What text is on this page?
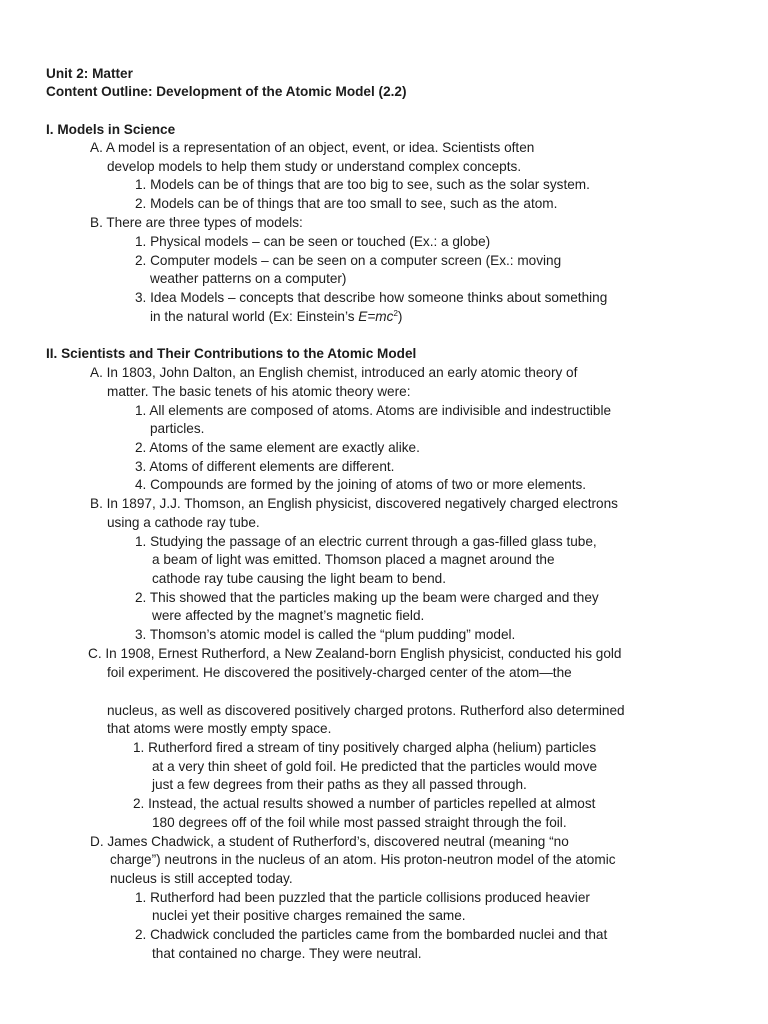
Unit 2: Matter
Content Outline: Development of the Atomic Model (2.2)
I. Models in Science
A. A model is a representation of an object, event, or idea. Scientists often
develop models to help them study or understand complex concepts.
1. Models can be of things that are too big to see, such as the solar system.
2. Models can be of things that are too small to see, such as the atom.
B. There are three types of models:
1. Physical models – can be seen or touched (Ex.: a globe)
2. Computer models – can be seen on a computer screen (Ex.: moving
weather patterns on a computer)
3. Idea Models – concepts that describe how someone thinks about something
in the natural world (Ex: Einstein’s $E=mc^2$)
II. Scientists and Their Contributions to the Atomic Model
A. In 1803, John Dalton, an English chemist, introduced an early atomic theory of
matter. The basic tenets of his atomic theory were:
1. All elements are composed of atoms. Atoms are indivisible and indestructible
particles.
2. Atoms of the same element are exactly alike.
3. Atoms of different elements are different.
4. Compounds are formed by the joining of atoms of two or more elements.
B. In 1897, J.J. Thomson, an English physicist, discovered negatively charged electrons
using a cathode ray tube.
1. Studying the passage of an electric current through a gas-filled glass tube,
a beam of light was emitted. Thomson placed a magnet around the
cathode ray tube causing the light beam to bend.
2. This showed that the particles making up the beam were charged and they
were affected by the magnet’s magnetic field.
3. Thomson’s atomic model is called the “plum pudding” model.
C. In 1908, Ernest Rutherford, a New Zealand-born English physicist, conducted his gold
foil experiment. He discovered the positively-charged center of the atom—the
nucleus, as well as discovered positively charged protons. Rutherford also determined
that atoms were mostly empty space.
1. Rutherford fired a stream of tiny positively charged alpha (helium) particles
at a very thin sheet of gold foil. He predicted that the particles would move
just a few degrees from their paths as they all passed through.
2. Instead, the actual results showed a number of particles repelled at almost
180 degrees off of the foil while most passed straight through the foil.
D. James Chadwick, a student of Rutherford’s, discovered neutral (meaning “no
charge”) neutrons in the nucleus of an atom. His proton-neutron model of the atomic
nucleus is still accepted today.
1. Rutherford had been puzzled that the particle collisions produced heavier
nuclei yet their positive charges remained the same.
2. Chadwick concluded the particles came from the bombarded nuclei and that
that contained no charge. They were neutral.
